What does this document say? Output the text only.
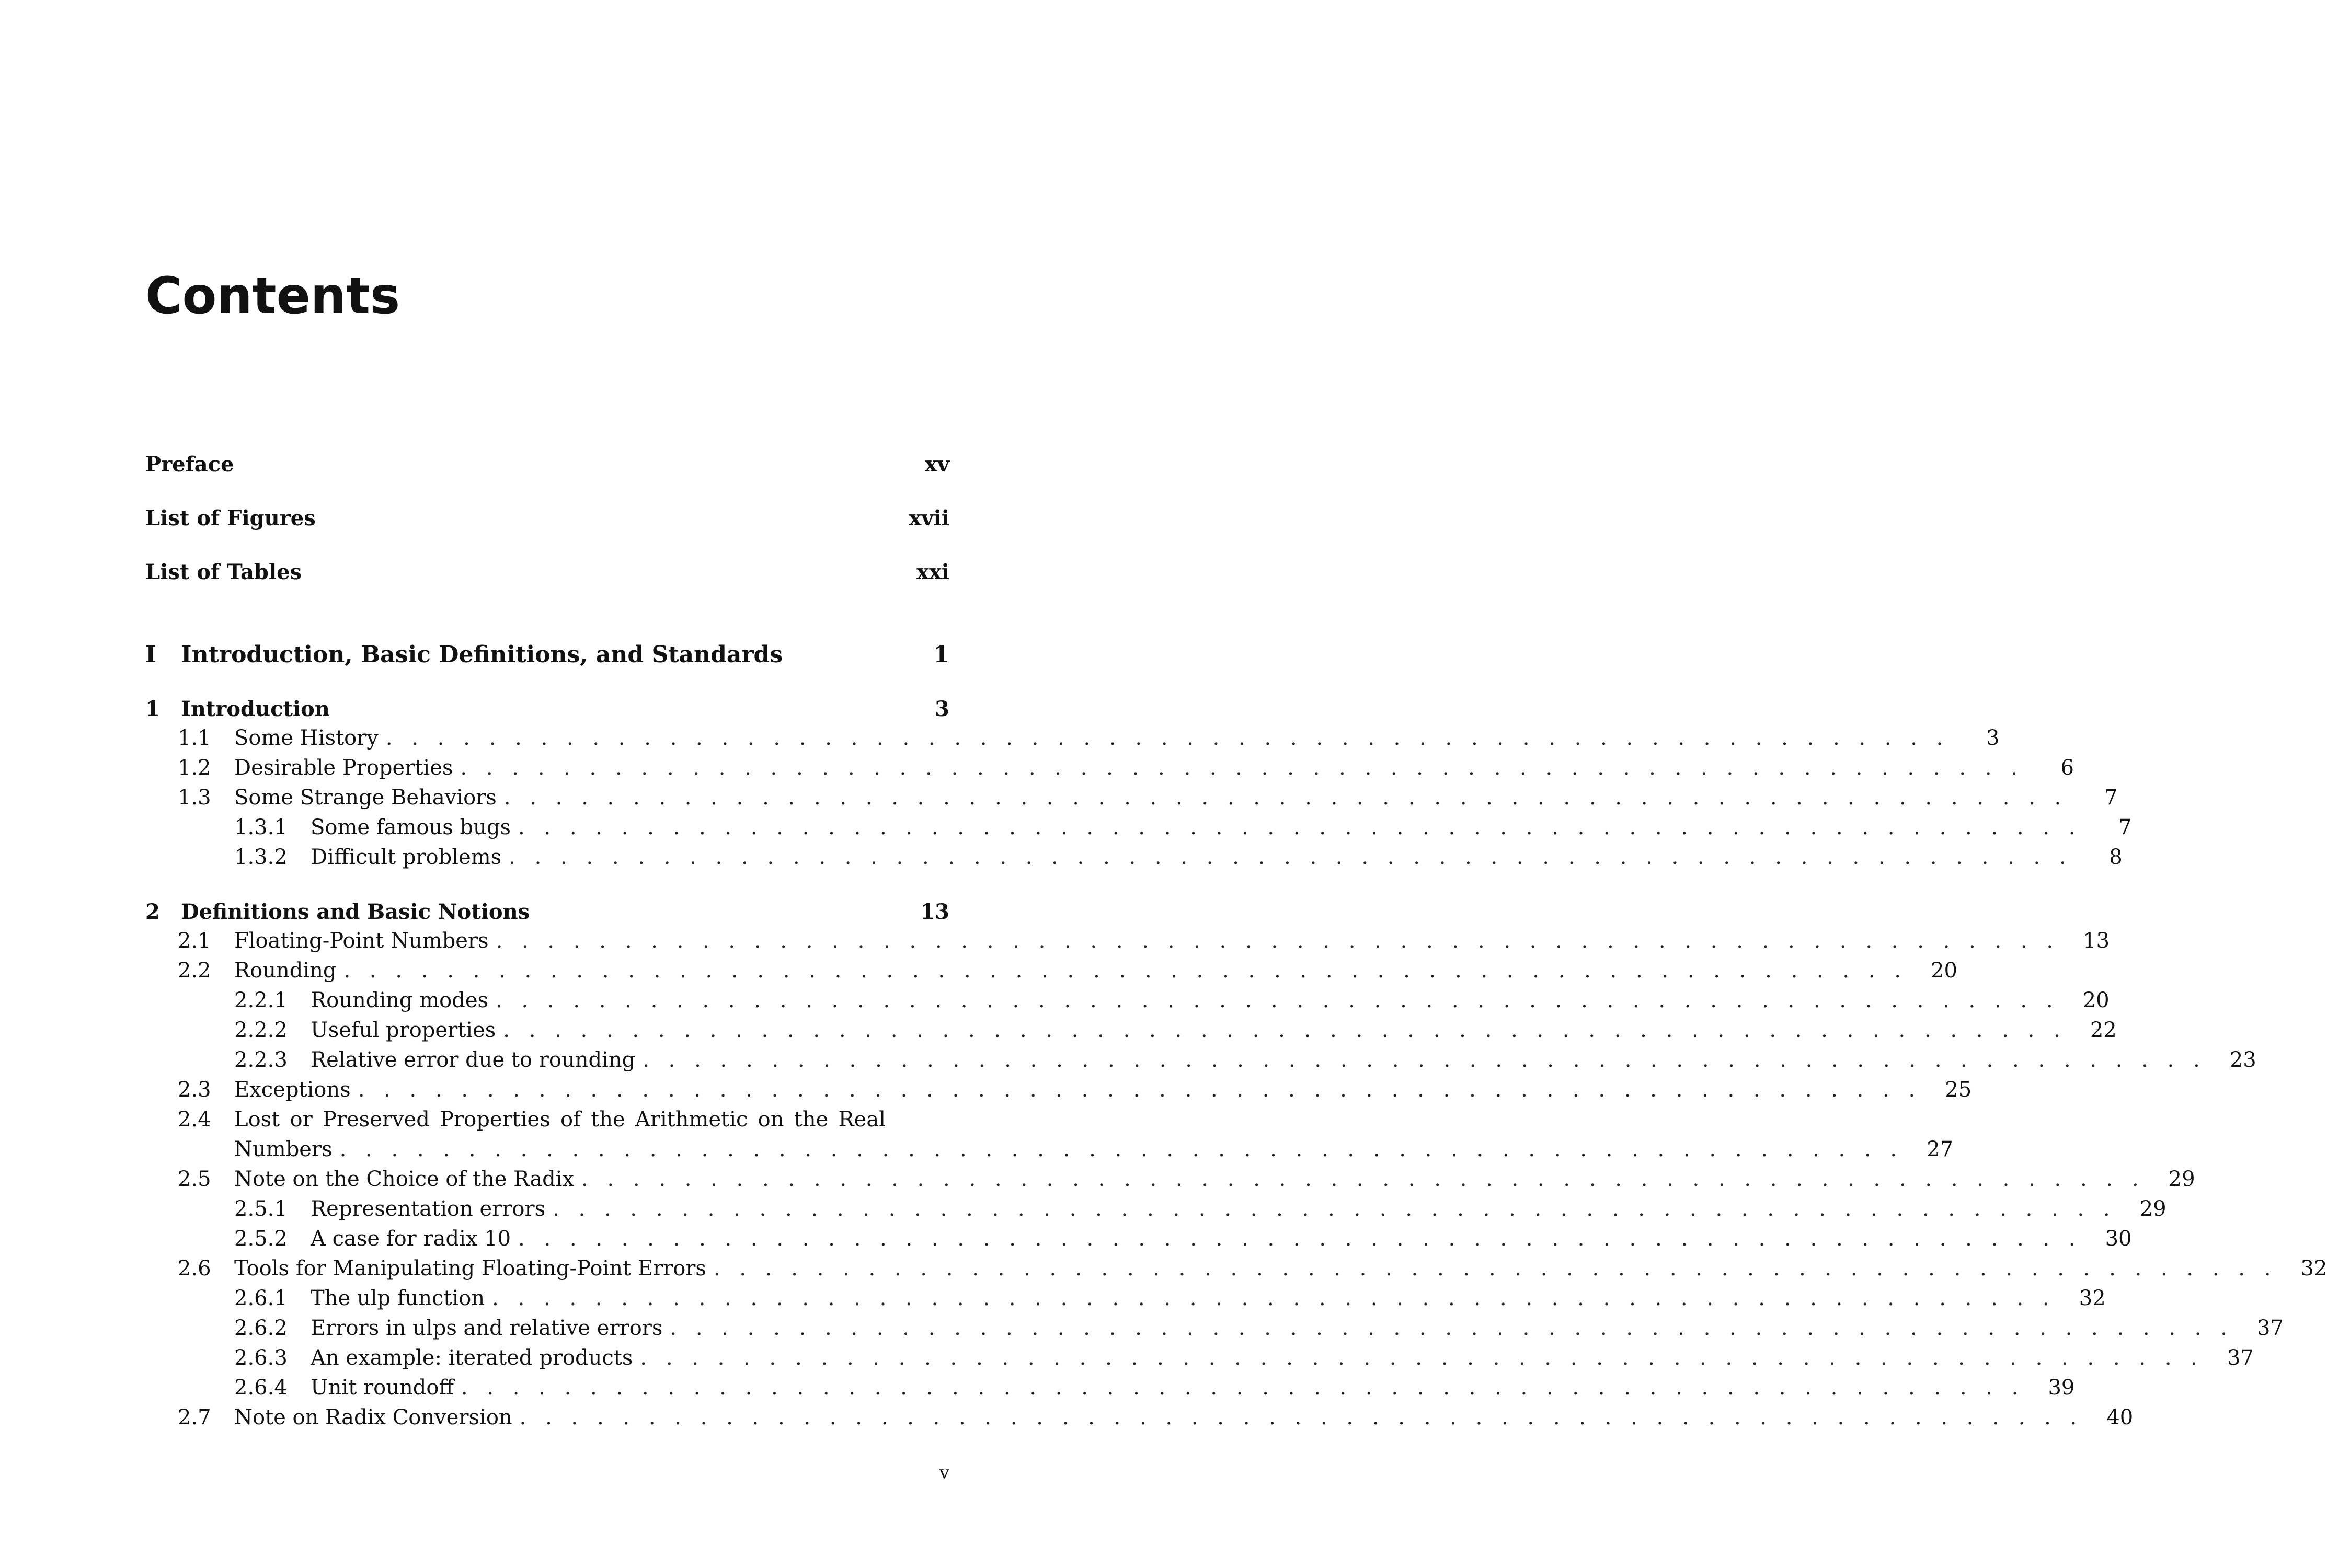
Contents
Preface	xv
List of Figures	xvii
List of Tables	xxi
I	Introduction, Basic Definitions, and Standards	1
1	Introduction	3
1.1	Some History . . . . . . . . . . . . . . . . . . . . . . . . . . . . . . . . . . . . . . . . . . . . . . . . . . . . . . . . . . . . .	3
1.2	Desirable Properties . . . . . . . . . . . . . . . . . . . . . . . . . . . . . . . . . . . . . . . . . . . . . . . . . . . . . . . . . . . . .	6
1.3	Some Strange Behaviors . . . . . . . . . . . . . . . . . . . . . . . . . . . . . . . . . . . . . . . . . . . . . . . . . . . . . . . . . . . . .	7
1.3.1	Some famous bugs . . . . . . . . . . . . . . . . . . . . . . . . . . . . . . . . . . . . . . . . . . . . . . . . . . . . . . . . . . . . .	7
1.3.2	Difficult problems . . . . . . . . . . . . . . . . . . . . . . . . . . . . . . . . . . . . . . . . . . . . . . . . . . . . . . . . . . . . .	8
2	Definitions and Basic Notions	13
2.1	Floating-Point Numbers . . . . . . . . . . . . . . . . . . . . . . . . . . . . . . . . . . . . . . . . . . . . . . . . . . . . . . . . . . . . .	13
2.2	Rounding . . . . . . . . . . . . . . . . . . . . . . . . . . . . . . . . . . . . . . . . . . . . . . . . . . . . . . . . . . . . .	20
2.2.1	Rounding modes . . . . . . . . . . . . . . . . . . . . . . . . . . . . . . . . . . . . . . . . . . . . . . . . . . . . . . . . . . . . .	20
2.2.2	Useful properties . . . . . . . . . . . . . . . . . . . . . . . . . . . . . . . . . . . . . . . . . . . . . . . . . . . . . . . . . . . . .	22
2.2.3	Relative error due to rounding . . . . . . . . . . . . . . . . . . . . . . . . . . . . . . . . . . . . . . . . . . . . . . . . . . . . . . . . . . . . .	23
2.3	Exceptions . . . . . . . . . . . . . . . . . . . . . . . . . . . . . . . . . . . . . . . . . . . . . . . . . . . . . . . . . . . . .	25
2.4	Lost or Preserved Properties of the Arithmetic on the Real
Numbers . . . . . . . . . . . . . . . . . . . . . . . . . . . . . . . . . . . . . . . . . . . . . . . . . . . . . . . . . . . . .	27
2.5	Note on the Choice of the Radix . . . . . . . . . . . . . . . . . . . . . . . . . . . . . . . . . . . . . . . . . . . . . . . . . . . . . . . . . . . . .	29
2.5.1	Representation errors . . . . . . . . . . . . . . . . . . . . . . . . . . . . . . . . . . . . . . . . . . . . . . . . . . . . . . . . . . . . .	29
2.5.2	A case for radix 10 . . . . . . . . . . . . . . . . . . . . . . . . . . . . . . . . . . . . . . . . . . . . . . . . . . . . . . . . . . . . .	30
2.6	Tools for Manipulating Floating-Point Errors . . . . . . . . . . . . . . . . . . . . . . . . . . . . . . . . . . . . . . . . . . . . . . . . . . . . . . . . . . . . .	32
2.6.1	The ulp function . . . . . . . . . . . . . . . . . . . . . . . . . . . . . . . . . . . . . . . . . . . . . . . . . . . . . . . . . . . . .	32
2.6.2	Errors in ulps and relative errors . . . . . . . . . . . . . . . . . . . . . . . . . . . . . . . . . . . . . . . . . . . . . . . . . . . . . . . . . . . . .	37
2.6.3	An example: iterated products . . . . . . . . . . . . . . . . . . . . . . . . . . . . . . . . . . . . . . . . . . . . . . . . . . . . . . . . . . . . .	37
2.6.4	Unit roundoff . . . . . . . . . . . . . . . . . . . . . . . . . . . . . . . . . . . . . . . . . . . . . . . . . . . . . . . . . . . . .	39
2.7	Note on Radix Conversion . . . . . . . . . . . . . . . . . . . . . . . . . . . . . . . . . . . . . . . . . . . . . . . . . . . . . . . . . . . . .	40
v
